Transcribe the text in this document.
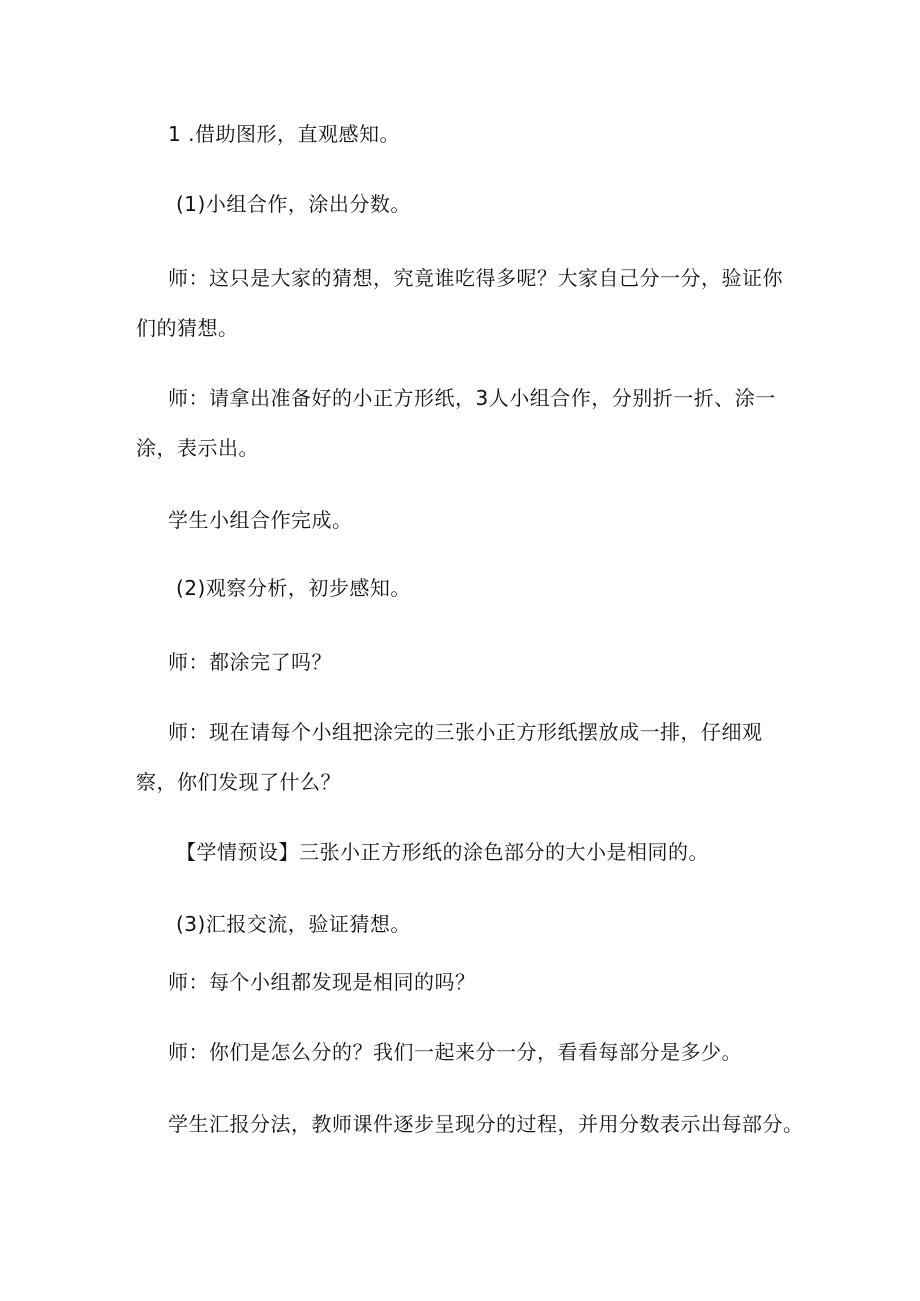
1 .借助图形，直观感知。
(1)小组合作，涂出分数。
师：这只是大家的猜想，究竟谁吃得多呢？大家自己分一分，验证你
们的猜想。
师：请拿出准备好的小正方形纸，3人小组合作，分别折一折、涂一
涂，表示出。
学生小组合作完成。
(2)观察分析，初步感知。
师：都涂完了吗？
师：现在请每个小组把涂完的三张小正方形纸摆放成一排，仔细观
察，你们发现了什么？
【学情预设】三张小正方形纸的涂色部分的大小是相同的。
(3)汇报交流，验证猜想。
师：每个小组都发现是相同的吗？
师：你们是怎么分的？我们一起来分一分，看看每部分是多少。
学生汇报分法，教师课件逐步呈现分的过程，并用分数表示出每部分。
